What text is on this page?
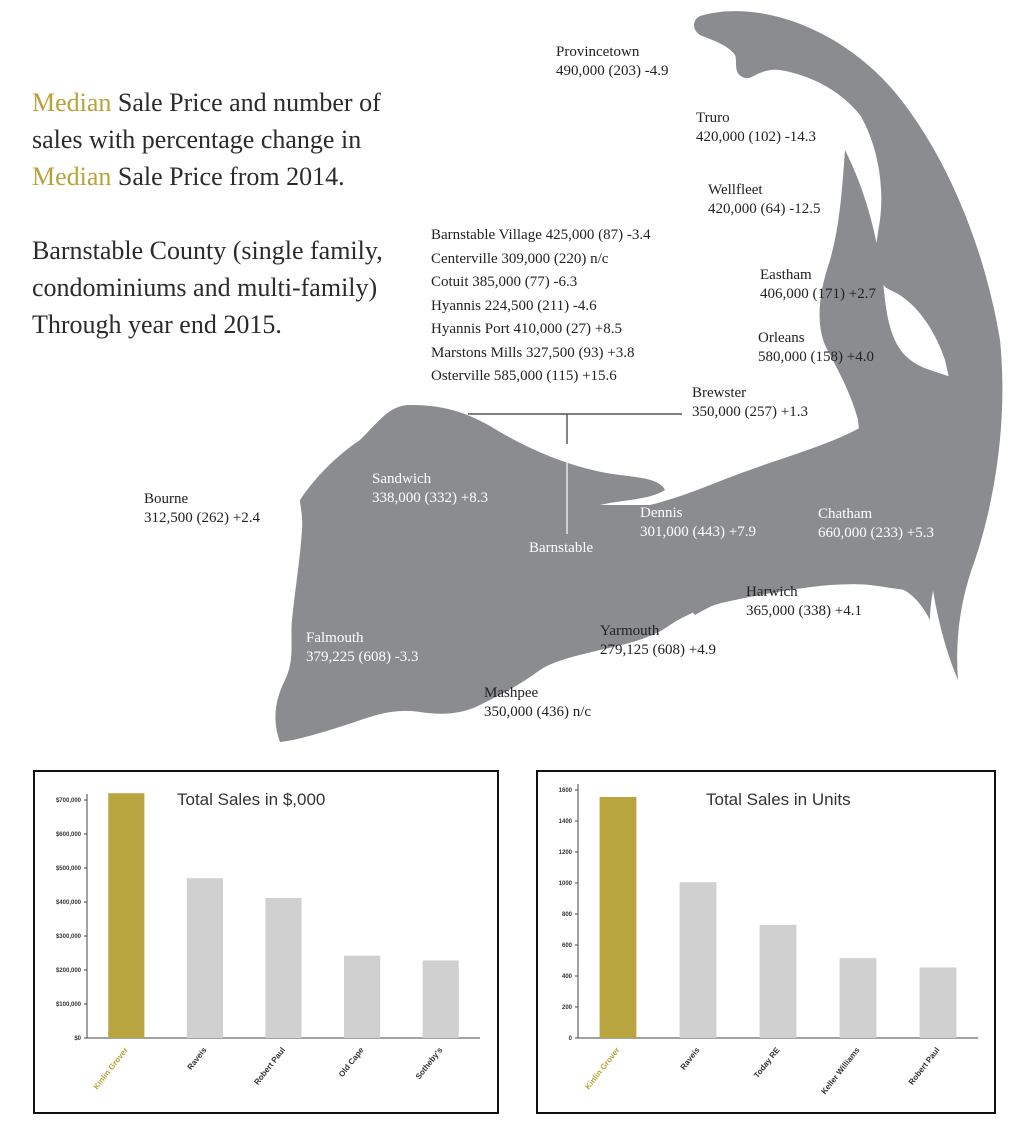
Median Sale Price and number of
sales with percentage change in
Median Sale Price from 2014.
Barnstable County (single family,
condominiums and multi-family)
Through year end 2015.
Provincetown
490,000 (203) -4.9
Truro
420,000 (102) -14.3
Wellfleet
420,000 (64) -12.5
Eastham
406,000 (171) +2.7
Orleans
580,000 (158) +4.0
Brewster
350,000 (257) +1.3
Bourne
312,500 (262) +2.4
Sandwich
338,000 (332) +8.3
Barnstable
Dennis
301,000 (443) +7.9
Chatham
660,000 (233) +5.3
Harwich
365,000 (338) +4.1
Yarmouth
279,125 (608) +4.9
Falmouth
379,225 (608) -3.3
Mashpee
350,000 (436) n/c
Barnstable Village 425,000 (87) -3.4
Centerville 309,000 (220) n/c
Cotuit 385,000 (77) -6.3
Hyannis 224,500 (211) -4.6
Hyannis Port 410,000 (27) +8.5
Marstons Mills 327,500 (93) +3.8
Osterville 585,000 (115) +15.6
$0
$100,000
$200,000
$300,000
$400,000
$500,000
$600,000
$700,000
Kinlin Grover	Raveis	Robert Paul	Old Cape	Sotheby's
Total Sales in $,000
0
200
400
600
800
1000
1200
1400
1600
Kinlin Grover	Raveis	Today RE	Keller Williams	Robert Paul
Total Sales in Units
